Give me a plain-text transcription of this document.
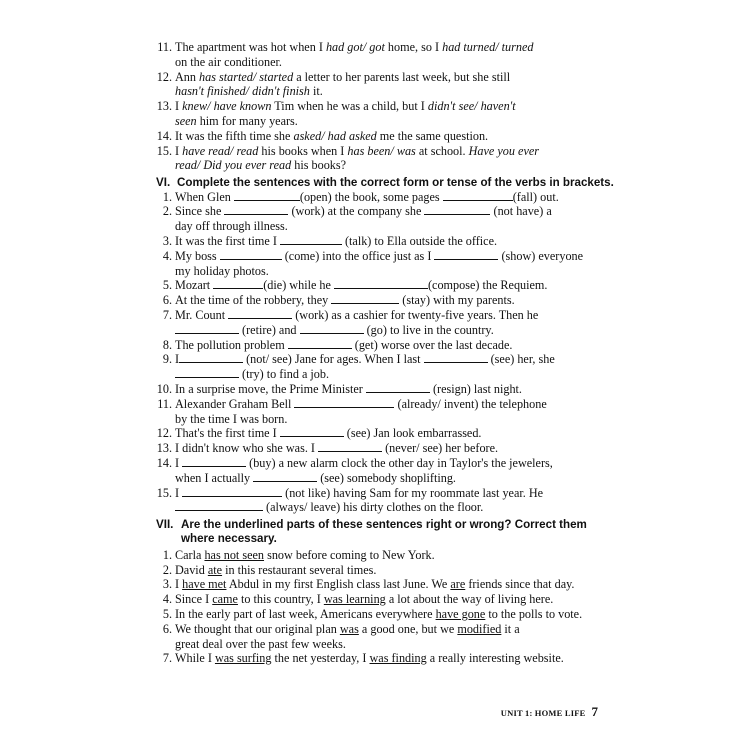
11. The apartment was hot when I had got/ got home, so I had turned/ turned
on the air conditioner.
12. Ann has started/ started a letter to her parents last week, but she still
hasn't finished/ didn't finish it.
13. I knew/ have known Tim when he was a child, but I didn't see/ haven't
seen him for many years.
14. It was the fifth time she asked/ had asked me the same question.
15. I have read/ read his books when I has been/ was at school. Have you ever
read/ Did you ever read his books?
VI. Complete the sentences with the correct form or tense of the verbs in brackets.
1. When Glen	(open) the book, some pages	(fall) out.
2. Since she	(work) at the company she	(not have) a
day off through illness.
3. It was the first time I	(talk) to Ella outside the office.
4. My boss	(come) into the office just as I	(show) everyone
my holiday photos.
5. Mozart	(die) while he	(compose) the Requiem.
6. At the time of the robbery, they	(stay) with my parents.
7. Mr. Count	(work) as a cashier for twenty-five years. Then he
(retire) and	(go) to live in the country.
8. The pollution problem	(get) worse over the last decade.
9. I	(not/ see) Jane for ages. When I last	(see) her, she
(try) to find a job.
10. In a surprise move, the Prime Minister	(resign) last night.
11. Alexander Graham Bell	(already/ invent) the telephone
by the time I was born.
12. That's the first time I	(see) Jan look embarrassed.
13. I didn't know who she was. I	(never/ see) her before.
14. I	(buy) a new alarm clock the other day in Taylor's the jewelers,
when I actually	(see) somebody shoplifting.
15. I	(not like) having Sam for my roommate last year. He
(always/ leave) his dirty clothes on the floor.
VII. Are the underlined parts of these sentences right or wrong? Correct them
where necessary.
1. Carla has not seen snow before coming to New York.
2. David ate in this restaurant several times.
3. I have met Abdul in my first English class last June. We are friends since that day.
4. Since I came to this country, I was learning a lot about the way of living here.
5. In the early part of last week, Americans everywhere have gone to the polls to vote.
6. We thought that our original plan was a good one, but we modified it a
great deal over the past few weeks.
7. While I was surfing the net yesterday, I was finding a really interesting website.
UNIT 1: HOME LIFE 7
